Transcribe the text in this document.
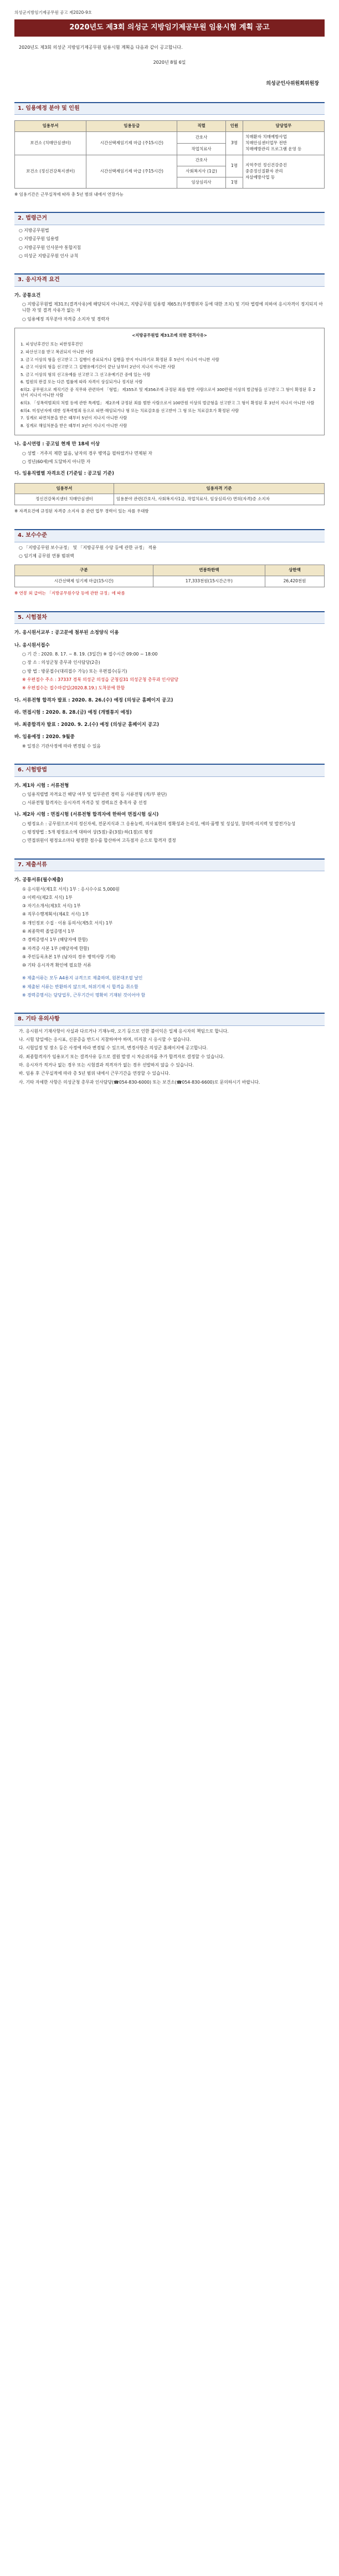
의성군지방임기제공무원 공고 제2020-9호
2020년도 제3회 의성군 지방임기제공무원 임용시험 계획 공고
2020년도 제3회 의성군 지방임기제공무원 임용시험 계획을 다음과 같이 공고합니다.
2020년 8월 6일
의성군인사위원회위원장
1. 임용예정 분야 및 인원
임용부서	임용등급	직렬	인원	담당업무
보건소 (치매안심센터)	시간선택제임기제 마급 (주15시간)	간호사	3명	치매환자 치매예방사업
치매안심센터업무 전반
치매예방관리 프로그램 운영 등

		작업치료사		
보건소 (정신건강복지센터)	시간선택제임기제 마급 (주15시간)	간호사	1명	지역주민 정신건강증진
중증정신질환자 관리
자살예방사업 등

		사회복지사 (1급)		
		임상심리사	1명	
※ 임용기간은 근무실적에 따라 총 5년 범위 내에서 연장가능
2. 법령근거
○ 지방공무원법
○ 지방공무원 임용령
○ 지방공무원 인사분야 통합지침
○ 의성군 지방공무원 인사 규칙
3. 응시자격 요건
가. 공통요건
○ 지방공무원법 제31조(결격사유)에 해당되지 아니하고, 지방공무원 임용령 제65조(부정행위자 등에 대한 조치) 및 기타 법령에 의하여 응시자격이 정지되지 아니한 자 및 결격 사유가 없는 자
○ 임용예정 직무분야 자격증 소지자 및 경력자
<지방공무원법 제31조에 의한 결격사유>

1. 피성년후견인 또는 피한정후견인

2. 파산선고를 받고 복권되지 아니한 사람

3. 금고 이상의 형을 선고받고 그 집행이 종료되거나 집행을 받지 아니하기로 확정된 후 5년이 지나지 아니한 사람

4. 금고 이상의 형을 선고받고 그 집행유예기간이 끝난 날부터 2년이 지나지 아니한 사람

5. 금고 이상의 형의 선고유예를 선고받고 그 선고유예기간 중에 있는 사람

6. 법원의 판결 또는 다른 법률에 따라 자격이 상실되거나 정지된 사람

6의2. 공무원으로 재직기간 중 직무와 관련하여 「형법」 제355조 및 제356조에 규정된 죄를 범한 사람으로서 300만원 이상의 벌금형을 선고받고 그 형이 확정된 후 2년이 지나지 아니한 사람

6의3. 「성폭력범죄의 처벌 등에 관한 특례법」 제2조에 규정된 죄를 범한 사람으로서 100만원 이상의 벌금형을 선고받고 그 형이 확정된 후 3년이 지나지 아니한 사람

6의4. 미성년자에 대한 성폭력범죄 등으로 파면·해임되거나 형 또는 치료감호를 선고받아 그 형 또는 치료감호가 확정된 사람

7. 징계로 파면처분을 받은 때부터 5년이 지나지 아니한 사람

8. 징계로 해임처분을 받은 때부터 3년이 지나지 아니한 사람

나. 응시연령 : 공고일 현재 만 18세 이상
○ 성별 · 거주지 제한 없음, 남자의 경우 병역을 필하였거나 면제된 자
○ 정년(60세)에 도달하지 아니한 자
다. 임용직렬별 자격요건 (기준일 : 공고일 기준)
임용부서	임용자격 기준
정신건강복지센터 치매안심센터	임용분야 관련(간호사, 사회복지사1급, 작업치료사, 임상심리사) 면허(자격)증 소지자
※ 자격요건에 규정된 자격증 소지자 중 관련 업무 경력이 있는 자를 우대함
4. 보수수준
○ 「지방공무원 보수규정」 및 「지방공무원 수당 등에 관한 규정」 적용
○ 임기제 공무원 연봉 범위액
구분	연봉하한액	상한액
시간선택제 임기제 마급(15시간)	17,333천원(15시간근무)	26,420천원
※ 연봉 외 급여는 「지방공무원수당 등에 관한 규정」에 따름
5. 시험절차
가. 응시원서교부 : 공고문에 첨부된 소정양식 이용
나. 응시원서접수
○ 기 간 : 2020. 8. 17. ~ 8. 19. (3일간) ※ 접수시간 09:00 ~ 18:00
○ 장 소 : 의성군청 총무과 인사담당(2층)
○ 방 법 : 방문접수(대리접수 가능) 또는 우편접수(등기)
※ 우편접수 주소 : 37337 경북 의성군 의성읍 군청길31 의성군청 총무과 인사담당
※ 우편접수는 접수마감일(2020.8.19.) 도착분에 한함
다. 서류전형 합격자 발표 : 2020. 8. 26.(수) 예정 (의성군 홈페이지 공고)
라. 면접시험 : 2020. 8. 28.(금) 예정 (개별통지 예정)
마. 최종합격자 발표 : 2020. 9. 2.(수) 예정 (의성군 홈페이지 공고)
바. 임용예정 : 2020. 9월중
※ 일정은 기관사정에 따라 변경될 수 있음
6. 시험방법
가. 제1차 시험 : 서류전형
○ 임용직렬별 자격요건 해당 여부 및 업무관련 경력 등 서류전형 (적/부 판단)
○ 서류전형 합격자는 응시자격 자격증 및 경력요건 충족자 중 선정
나. 제2차 시험 : 면접시험 (서류전형 합격자에 한하여 면접시험 실시)
○ 평정요소 : 공무원으로서의 정신자세, 전문지식과 그 응용능력, 의사표현의 정확성과 논리성, 예의·품행 및 성실성, 창의력·의지력 및 발전가능성
○ 평정방법 : 5개 평정요소에 대하여 상(5점)·중(3점)·하(1점)로 평정
○ 면접위원이 평정요소마다 평정한 점수를 합산하여 고득점자 순으로 합격자 결정
7. 제출서류
가. 공통서류(필수제출)
① 응시원서(제1호 서식) 1부 : 응시수수료 5,000원
② 이력서(제2호 서식) 1부
③ 자기소개서(제3호 서식) 1부
④ 직무수행계획서(제4호 서식) 1부
⑤ 개인정보 수집 · 이용 동의서(제5호 서식) 1부
⑥ 최종학력 졸업증명서 1부
⑦ 경력증명서 1부 (해당자에 한함)
⑧ 자격증 사본 1부 (해당자에 한함)
⑨ 주민등록초본 1부 (남자의 경우 병역사항 기재)
⑩ 기타 응시자격 확인에 필요한 서류
※ 제출서류는 모두 A4용지 규격으로 제출하며, 원본대조필 날인
※ 제출된 서류는 반환하지 않으며, 허위기재 시 합격을 취소함
※ 경력증명서는 담당업무, 근무기간이 명확히 기재된 것이어야 함
8. 기타 유의사항
가. 응시원서 기재사항이 사실과 다르거나 기재누락, 오기 등으로 인한 불이익은 일체 응시자의 책임으로 합니다.
나. 시험 당일에는 응시표, 신분증을 반드시 지참하여야 하며, 미지참 시 응시할 수 없습니다.
다. 시험일정 및 장소 등은 사정에 따라 변경될 수 있으며, 변경사항은 의성군 홈페이지에 공고합니다.
라. 최종합격자가 임용포기 또는 결격사유 등으로 결원 발생 시 차순위자를 추가 합격자로 결정할 수 있습니다.
마. 응시자가 적거나 없는 경우 또는 시험결과 적격자가 없는 경우 선발하지 않을 수 있습니다.
바. 임용 후 근무실적에 따라 총 5년 범위 내에서 근무기간을 연장할 수 있습니다.
사. 기타 자세한 사항은 의성군청 총무과 인사담당(☎054-830-6000) 또는 보건소(☎054-830-6600)로 문의하시기 바랍니다.
